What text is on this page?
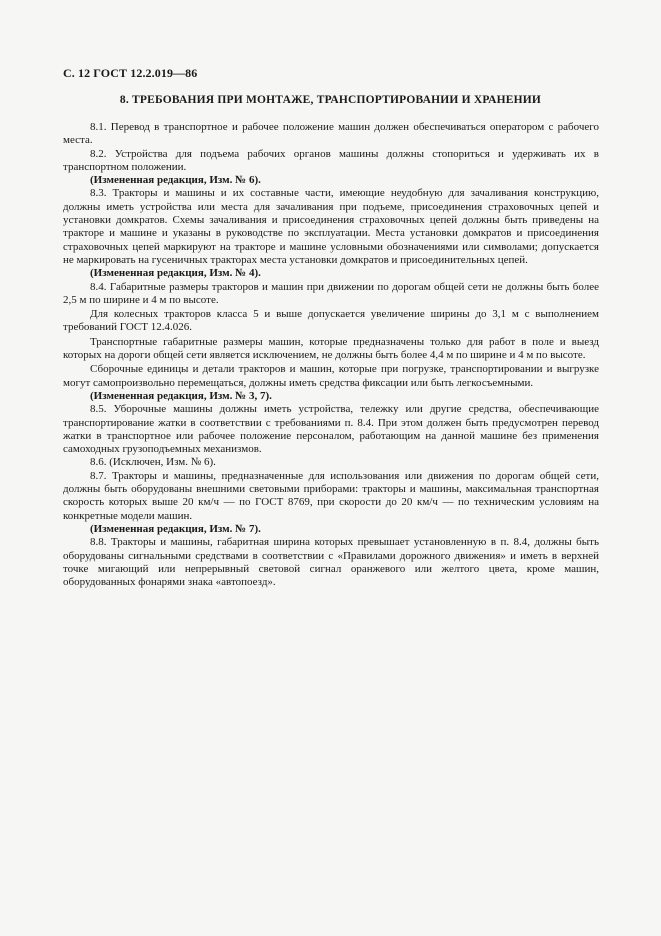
С. 12 ГОСТ 12.2.019—86
8. ТРЕБОВАНИЯ ПРИ МОНТАЖЕ, ТРАНСПОРТИРОВАНИИ И ХРАНЕНИИ

8.1. Перевод в транспортное и рабочее положение машин должен обеспечиваться оператором с рабочего места.

8.2. Устройства для подъема рабочих органов машины должны стопориться и удерживать их в транспортном положении.

(Измененная редакция, Изм. № 6).

8.3. Тракторы и машины и их составные части, имеющие неудобную для зачаливания конструкцию, должны иметь устройства или места для зачаливания при подъеме, присоединения страховочных цепей и установки домкратов. Схемы зачаливания и присоединения страховочных цепей должны быть приведены на тракторе и машине и указаны в руководстве по эксплуатации. Места установки домкратов и присоединения страховочных цепей маркируют на тракторе и машине условными обозначениями или символами; допускается не маркировать на гусеничных тракторах места установки домкратов и присоединительных цепей.

(Измененная редакция, Изм. № 4).

8.4. Габаритные размеры тракторов и машин при движении по дорогам общей сети не должны быть более 2,5 м по ширине и 4 м по высоте.

Для колесных тракторов класса 5 и выше допускается увеличение ширины до 3,1 м с выполнением требований ГОСТ 12.4.026.

Транспортные габаритные размеры машин, которые предназначены только для работ в поле и выезд которых на дороги общей сети является исключением, не должны быть более 4,4 м по ширине и 4 м по высоте.

Сборочные единицы и детали тракторов и машин, которые при погрузке, транспортировании и выгрузке могут самопроизвольно перемещаться, должны иметь средства фиксации или быть легкосъемными.

(Измененная редакция, Изм. № 3, 7).

8.5. Уборочные машины должны иметь устройства, тележку или другие средства, обеспечивающие транспортирование жатки в соответствии с требованиями п. 8.4. При этом должен быть предусмотрен перевод жатки в транспортное или рабочее положение персоналом, работающим на данной машине без применения самоходных грузоподъемных механизмов.

8.6. (Исключен, Изм. № 6).

8.7. Тракторы и машины, предназначенные для использования или движения по дорогам общей сети, должны быть оборудованы внешними световыми приборами: тракторы и машины, максимальная транспортная скорость которых выше 20 км/ч — по ГОСТ 8769, при скорости до 20 км/ч — по техническим условиям на конкретные модели машин.

(Измененная редакция, Изм. № 7).

8.8. Тракторы и машины, габаритная ширина которых превышает установленную в п. 8.4, должны быть оборудованы сигнальными средствами в соответствии с «Правилами дорожного движения» и иметь в верхней точке мигающий или непрерывный световой сигнал оранжевого или желтого цвета, кроме машин, оборудованных фонарями знака «автопоезд».
